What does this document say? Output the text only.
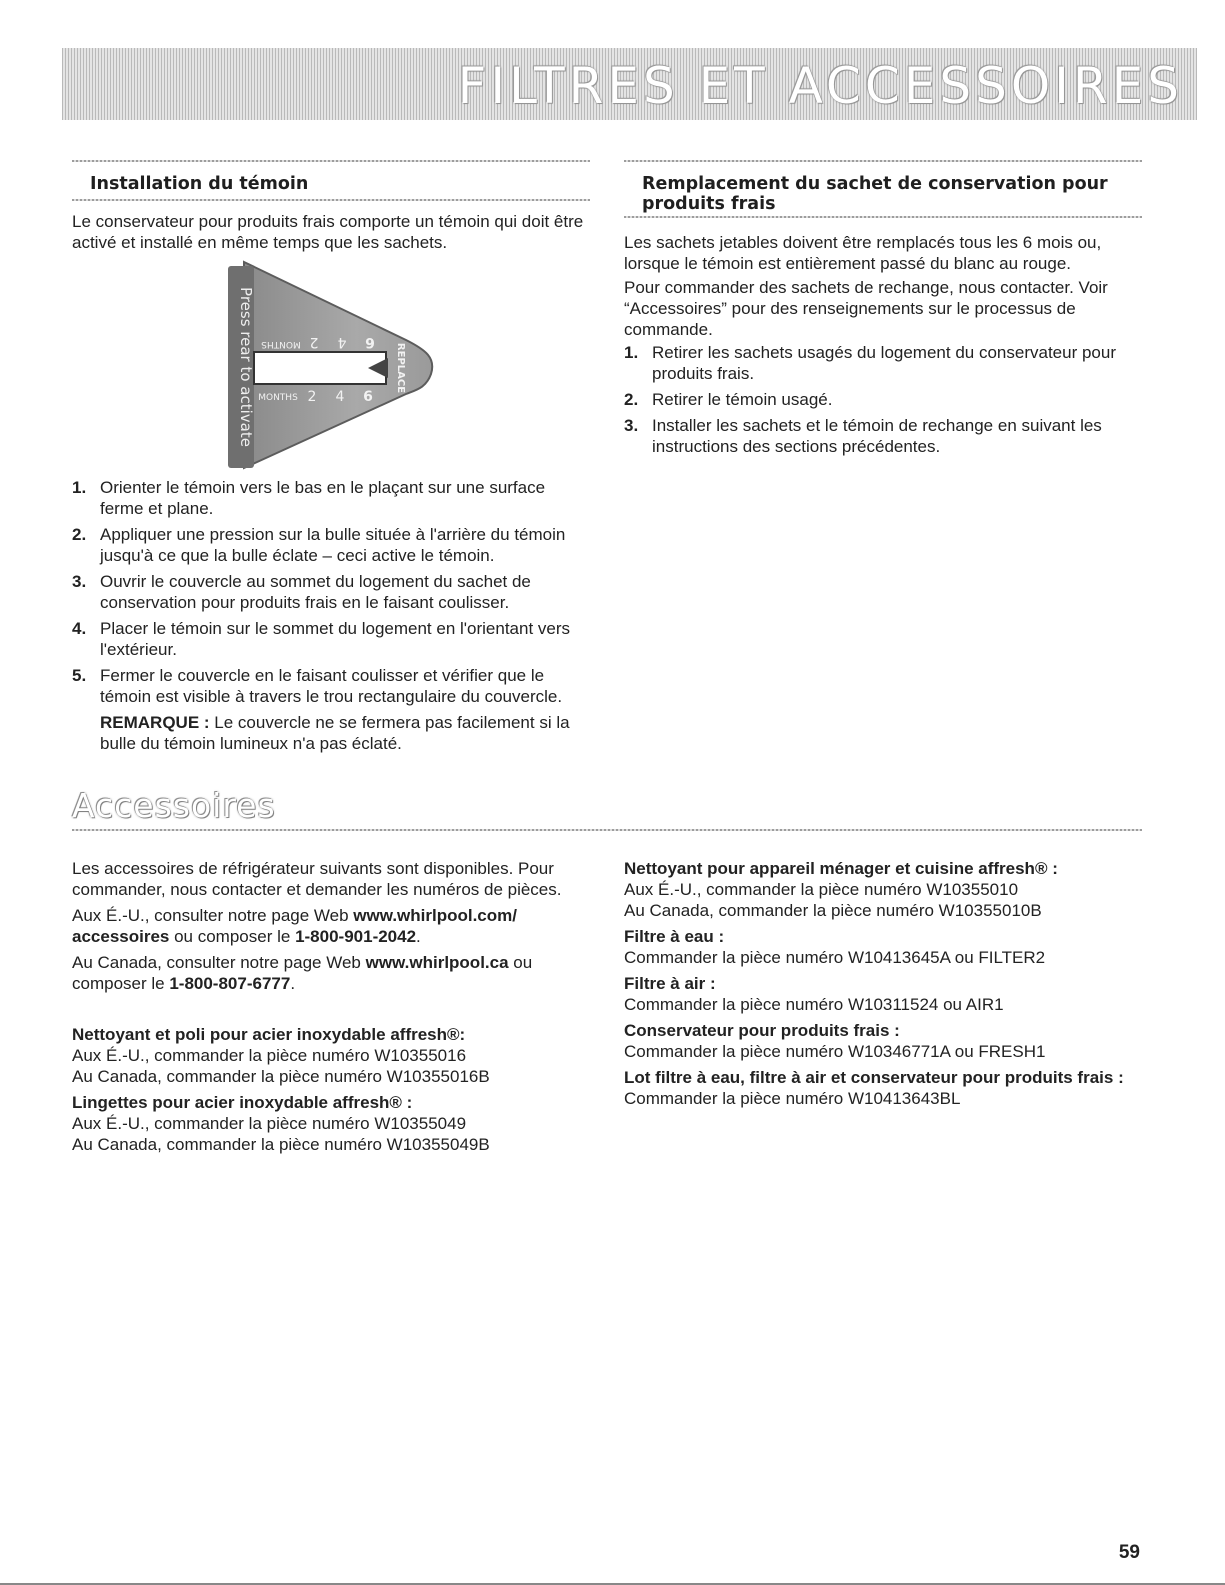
FILTRES ET ACCESSOIRES
Installation du témoin

Le conservateur pour produits frais comporte un témoin qui doit être activé et installé en même temps que les sachets.

Press rear to activate MONTHS 2 4 6
MONTHS 2 4 6
REPLACE
1. Orienter le témoin vers le bas en le plaçant sur une surface ferme et plane.
2. Appliquer une pression sur la bulle située à l'arrière du témoin jusqu'à ce que la bulle éclate – ceci active le témoin.
3. Ouvrir le couvercle au sommet du logement du sachet de conservation pour produits frais en le faisant coulisser.
4. Placer le témoin sur le sommet du logement en l'orientant vers l'extérieur.
5. Fermer le couvercle en le faisant coulisser et vérifier que le témoin est visible à travers le trou rectangulaire du couvercle.
REMARQUE : Le couvercle ne se fermera pas facilement si la bulle du témoin lumineux n'a pas éclaté.
Remplacement du sachet de conservation pour produits frais

Les sachets jetables doivent être remplacés tous les 6 mois ou, lorsque le témoin est entièrement passé du blanc au rouge.

Pour commander des sachets de rechange, nous contacter. Voir “Accessoires” pour des renseignements sur le processus de commande.

1. Retirer les sachets usagés du logement du conservateur pour produits frais.
2. Retirer le témoin usagé.
3. Installer les sachets et le témoin de rechange en suivant les instructions des sections précédentes.
Accessoires

Les accessoires de réfrigérateur suivants sont disponibles. Pour commander, nous contacter et demander les numéros de pièces.

Aux É.-U., consulter notre page Web www.whirlpool.com/ accessoires ou composer le 1-800-901-2042.

Au Canada, consulter notre page Web www.whirlpool.ca ou composer le 1-800-807-6777.

Nettoyant et poli pour acier inoxydable affresh®:
Aux É.-U., commander la pièce numéro W10355016
Au Canada, commander la pièce numéro W10355016B
Lingettes pour acier inoxydable affresh® :
Aux É.-U., commander la pièce numéro W10355049
Au Canada, commander la pièce numéro W10355049B
Nettoyant pour appareil ménager et cuisine affresh® :
Aux É.-U., commander la pièce numéro W10355010
Au Canada, commander la pièce numéro W10355010B
Filtre à eau :
Commander la pièce numéro W10413645A ou FILTER2
Filtre à air :
Commander la pièce numéro W10311524 ou AIR1
Conservateur pour produits frais :
Commander la pièce numéro W10346771A ou FRESH1
Lot filtre à eau, filtre à air et conservateur pour produits frais :
Commander la pièce numéro W10413643BL
59
